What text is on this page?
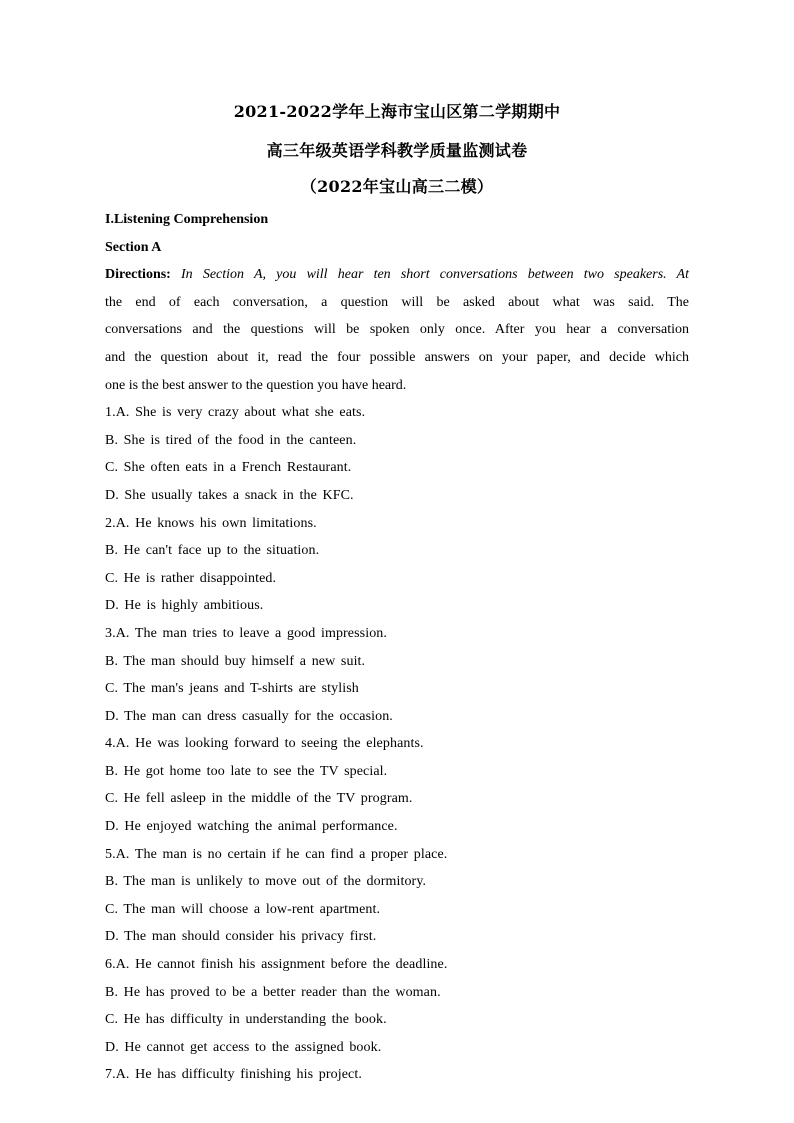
2021-2022学年上海市宝山区第二学期期中
高三年级英语学科教学质量监测试卷
（2022年宝山高三二模）
I.Listening Comprehension
Section A
Directions: In Section A, you will hear ten short conversations between two speakers. At
the end of each conversation, a question will be asked about what was said. The
conversations and the questions will be spoken only once. After you hear a conversation
and the question about it, read the four possible answers on your paper, and decide which
one is the best answer to the question you have heard.
1.A. She is very crazy about what she eats.
B. She is tired of the food in the canteen.
C. She often eats in a French Restaurant.
D. She usually takes a snack in the KFC.
2.A. He knows his own limitations.
B. He can't face up to the situation.
C. He is rather disappointed.
D. He is highly ambitious.
3.A. The man tries to leave a good impression.
B. The man should buy himself a new suit.
C. The man's jeans and T-shirts are stylish
D. The man can dress casually for the occasion.
4.A. He was looking forward to seeing the elephants.
B. He got home too late to see the TV special.
C. He fell asleep in the middle of the TV program.
D. He enjoyed watching the animal performance.
5.A. The man is no certain if he can find a proper place.
B. The man is unlikely to move out of the dormitory.
C. The man will choose a low-rent apartment.
D. The man should consider his privacy first.
6.A. He cannot finish his assignment before the deadline.
B. He has proved to be a better reader than the woman.
C. He has difficulty in understanding the book.
D. He cannot get access to the assigned book.
7.A. He has difficulty finishing his project.
